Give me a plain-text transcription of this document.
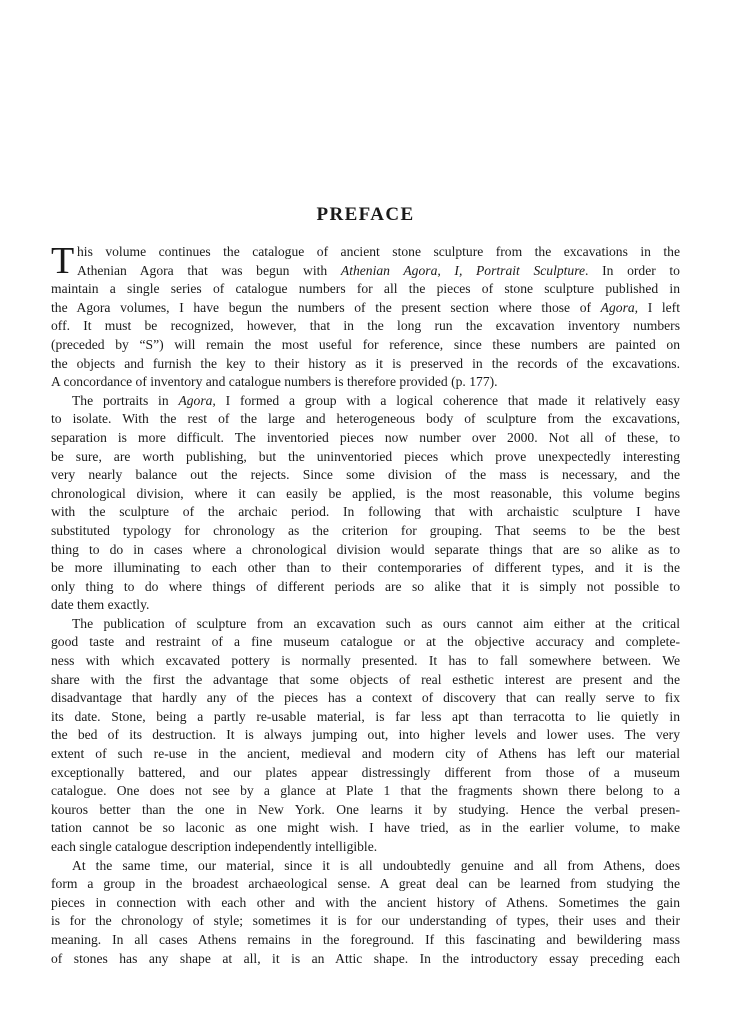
PREFACE
T his volume continues the catalogue of ancient stone sculpture from the excavations in the
Athenian Agora that was begun with Athenian Agora, I, Portrait Sculpture. In order to
maintain a single series of catalogue numbers for all the pieces of stone sculpture published in
the Agora volumes, I have begun the numbers of the present section where those of Agora, I left
off. It must be recognized, however, that in the long run the excavation inventory numbers
(preceded by “S”) will remain the most useful for reference, since these numbers are painted on
the objects and furnish the key to their history as it is preserved in the records of the excavations.
A concordance of inventory and catalogue numbers is therefore provided (p. 177).
The portraits in Agora, I formed a group with a logical coherence that made it relatively easy
to isolate. With the rest of the large and heterogeneous body of sculpture from the excavations,
separation is more difficult. The inventoried pieces now number over 2000. Not all of these, to
be sure, are worth publishing, but the uninventoried pieces which prove unexpectedly interesting
very nearly balance out the rejects. Since some division of the mass is necessary, and the
chronological division, where it can easily be applied, is the most reasonable, this volume begins
with the sculpture of the archaic period. In following that with archaistic sculpture I have
substituted typology for chronology as the criterion for grouping. That seems to be the best
thing to do in cases where a chronological division would separate things that are so alike as to
be more illuminating to each other than to their contemporaries of different types, and it is the
only thing to do where things of different periods are so alike that it is simply not possible to
date them exactly.
The publication of sculpture from an excavation such as ours cannot aim either at the critical
good taste and restraint of a fine museum catalogue or at the objective accuracy and complete-
ness with which excavated pottery is normally presented. It has to fall somewhere between. We
share with the first the advantage that some objects of real esthetic interest are present and the
disadvantage that hardly any of the pieces has a context of discovery that can really serve to fix
its date. Stone, being a partly re-usable material, is far less apt than terracotta to lie quietly in
the bed of its destruction. It is always jumping out, into higher levels and lower uses. The very
extent of such re-use in the ancient, medieval and modern city of Athens has left our material
exceptionally battered, and our plates appear distressingly different from those of a museum
catalogue. One does not see by a glance at Plate 1 that the fragments shown there belong to a
kouros better than the one in New York. One learns it by studying. Hence the verbal presen-
tation cannot be so laconic as one might wish. I have tried, as in the earlier volume, to make
each single catalogue description independently intelligible.
At the same time, our material, since it is all undoubtedly genuine and all from Athens, does
form a group in the broadest archaeological sense. A great deal can be learned from studying the
pieces in connection with each other and with the ancient history of Athens. Sometimes the gain
is for the chronology of style; sometimes it is for our understanding of types, their uses and their
meaning. In all cases Athens remains in the foreground. If this fascinating and bewildering mass
of stones has any shape at all, it is an Attic shape. In the introductory essay preceding each
